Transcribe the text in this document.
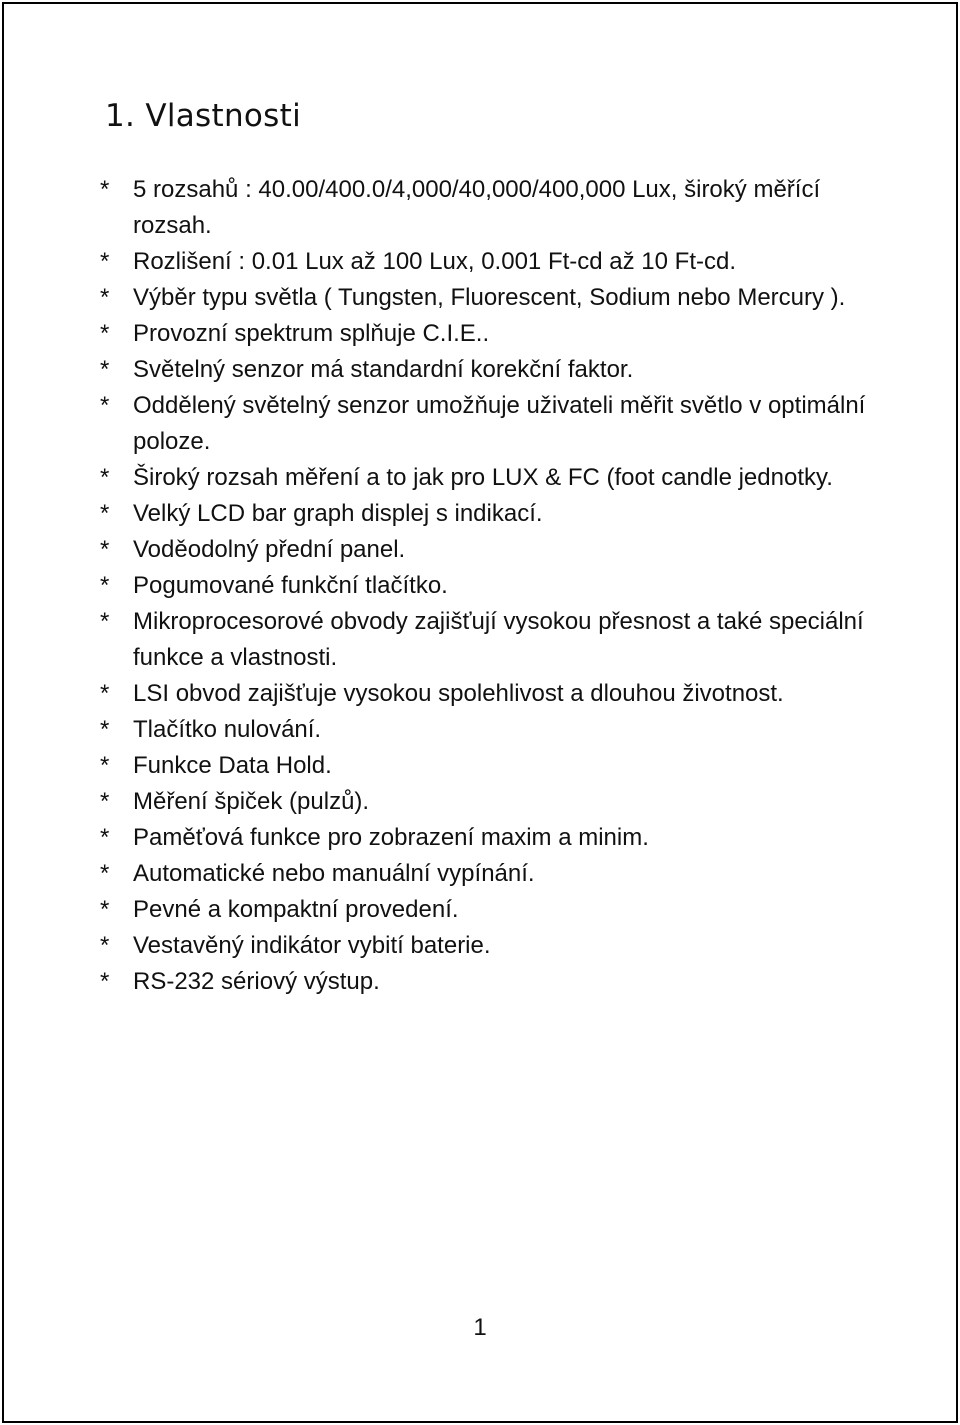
1. Vlastnosti
* 5 rozsahů : 40.00/400.0/4,000/40,000/400,000 Lux, široký měřící rozsah.
* Rozlišení : 0.01 Lux až 100 Lux, 0.001 Ft-cd až 10 Ft-cd.
* Výběr typu světla ( Tungsten, Fluorescent, Sodium nebo Mercury ).
* Provozní spektrum splňuje C.I.E..
* Světelný senzor má standardní korekční faktor.
* Oddělený světelný senzor umožňuje uživateli měřit světlo v optimální poloze.
* Široký rozsah měření a to jak pro LUX & FC (foot candle jednotky.
* Velký LCD bar graph displej s indikací.
* Voděodolný přední panel.
* Pogumované funkční tlačítko.
* Mikroprocesorové obvody zajišťují vysokou přesnost a také speciální funkce a vlastnosti.
* LSI obvod zajišťuje vysokou spolehlivost a dlouhou životnost.
* Tlačítko nulování.
* Funkce Data Hold.
* Měření špiček (pulzů).
* Paměťová funkce pro zobrazení maxim a minim.
* Automatické nebo manuální vypínání.
* Pevné a kompaktní provedení.
* Vestavěný indikátor vybití baterie.
* RS-232 sériový výstup.
1
